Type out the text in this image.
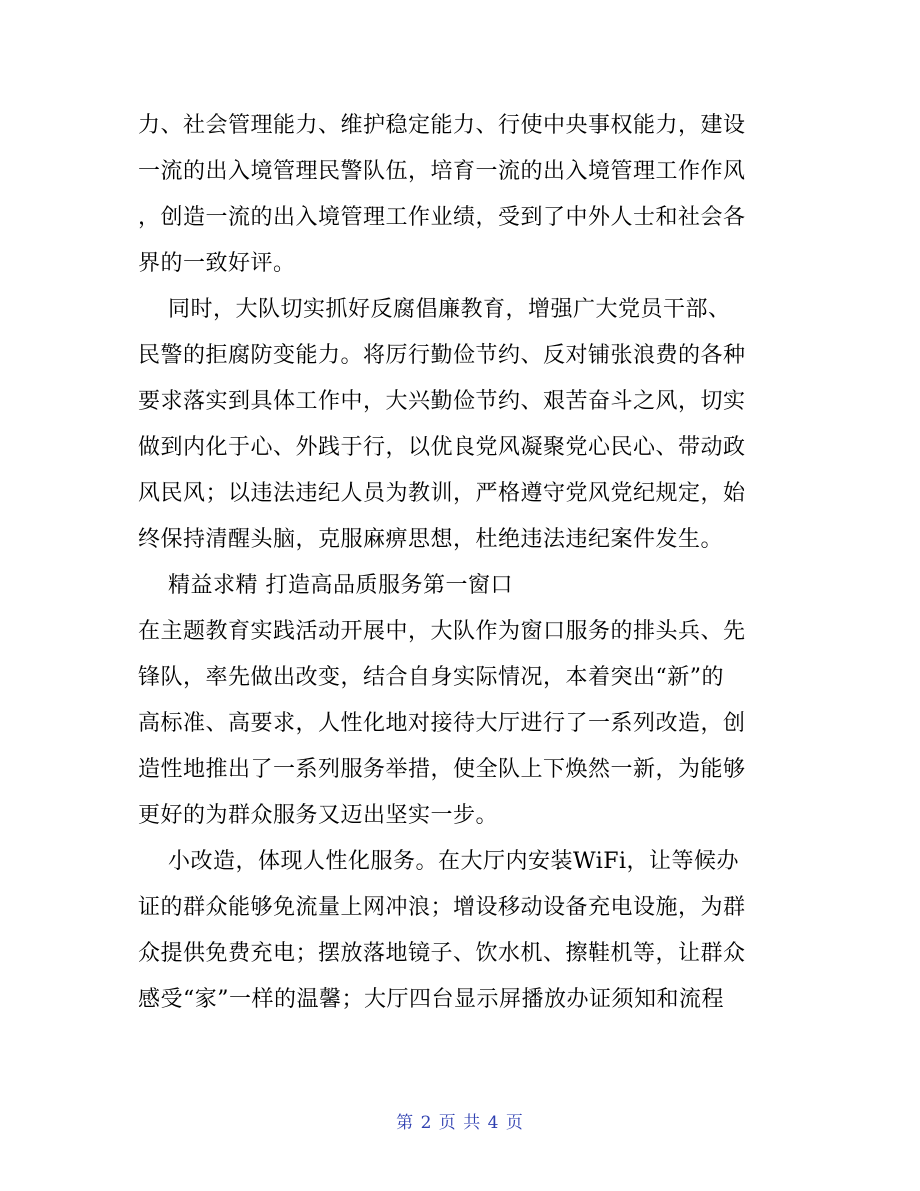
力、社会管理能力、维护稳定能力、行使中央事权能力，建设
一流的出入境管理民警队伍，培育一流的出入境管理工作作风
，创造一流的出入境管理工作业绩，受到了中外人士和社会各
界的一致好评。
同时，大队切实抓好反腐倡廉教育，增强广大党员干部、
民警的拒腐防变能力。将厉行勤俭节约、反对铺张浪费的各种
要求落实到具体工作中，大兴勤俭节约、艰苦奋斗之风，切实
做到内化于心、外践于行，以优良党风凝聚党心民心、带动政
风民风；以违法违纪人员为教训，严格遵守党风党纪规定，始
终保持清醒头脑，克服麻痹思想，杜绝违法违纪案件发生。
精益求精 打造高品质服务第一窗口
在主题教育实践活动开展中，大队作为窗口服务的排头兵、先
锋队，率先做出改变，结合自身实际情况，本着突出“新”的
高标准、高要求，人性化地对接待大厅进行了一系列改造，创
造性地推出了一系列服务举措，使全队上下焕然一新，为能够
更好的为群众服务又迈出坚实一步。
小改造，体现人性化服务。在大厅内安装WiFi，让等候办
证的群众能够免流量上网冲浪；增设移动设备充电设施，为群
众提供免费充电；摆放落地镜子、饮水机、擦鞋机等，让群众
感受“家”一样的温馨；大厅四台显示屏播放办证须知和流程
第 2 页 共 4 页
